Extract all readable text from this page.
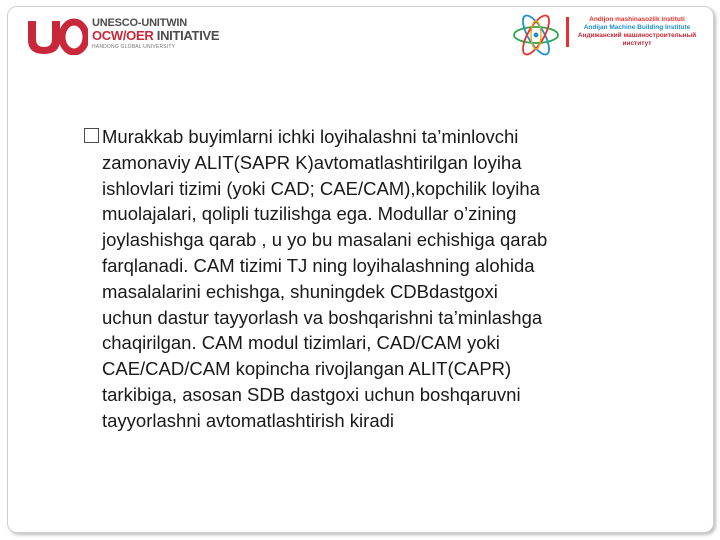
UNESCO-UNITWIN
OCW/OER INITIATIVE
HANDONG GLOBAL UNIVERSITY
Andijon mashinasozlik instituti
Andijan Machine Building Institute
Андижанский машиностроительный
институт
Murakkab buyimlarni ichki loyihalashni ta’minlovchi
zamonaviy ALIT(SAPR K)avtomatlashtirilgan loyiha
ishlovlari tizimi (yoki CAD; CAE/CAM),kopchilik loyiha
muolajalari, qolipli tuzilishga ega. Modullar o’zining
joylashishga qarab , u yo bu masalani echishiga qarab
farqlanadi. CAM tizimi TJ ning loyihalashning alohida
masalalarini echishga, shuningdek CDBdastgoxi
uchun dastur tayyorlash va boshqarishni ta’minlashga
chaqirilgan. CAM modul tizimlari, CAD/CAM yoki
CAE/CAD/CAM kopincha rivojlangan ALIT(CAPR)
tarkibiga, asosan SDB dastgoxi uchun boshqaruvni
tayyorlashni avtomatlashtirish kiradi
